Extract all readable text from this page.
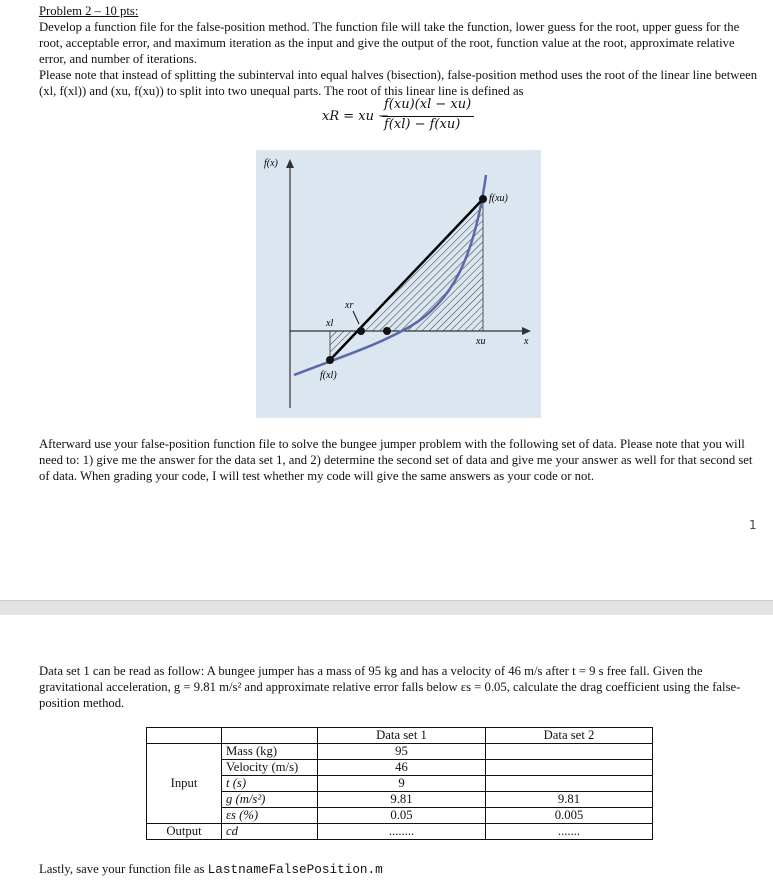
Problem 2 – 10 pts:
Develop a function file for the false-position method. The function file will take the function, lower guess for the root, upper guess for the root, acceptable error, and maximum iteration as the input and give the output of the root, function value at the root, approximate relative error, and number of iterations.
Please note that instead of splitting the subinterval into equal halves (bisection), false-position method uses the root of the linear line between (xl, f(xl)) and (xu, f(xu)) to split into two unequal parts. The root of this linear line is defined as
xR = xu −
f(xu)(xl − xu)
f(xl) − f(xu)
f(x)
f(xu)
xr
xl
xu	x
f(xl)
Afterward use your false-position function file to solve the bungee jumper problem with the following set of data. Please note that you will need to: 1) give me the answer for the data set 1, and 2) determine the second set of data and give me your answer as well for that second set of data. When grading your code, I will test whether my code will give the same answers as your code or not.
1
Data set 1 can be read as follow: A bungee jumper has a mass of 95 kg and has a velocity of 46 m/s after t = 9 s free fall. Given the gravitational acceleration, g = 9.81 m/s² and approximate relative error falls below εs = 0.05, calculate the drag coefficient using the false-position method.
		Data set 1	Data set 2
Input	Mass (kg)	95	
	Velocity (m/s)	46	
	t (s)	9	
	g (m/s²)	9.81	9.81
	εs (%)	0.05	0.005
Output	cd	........	.......
Lastly, save your function file as LastnameFalsePosition.m
